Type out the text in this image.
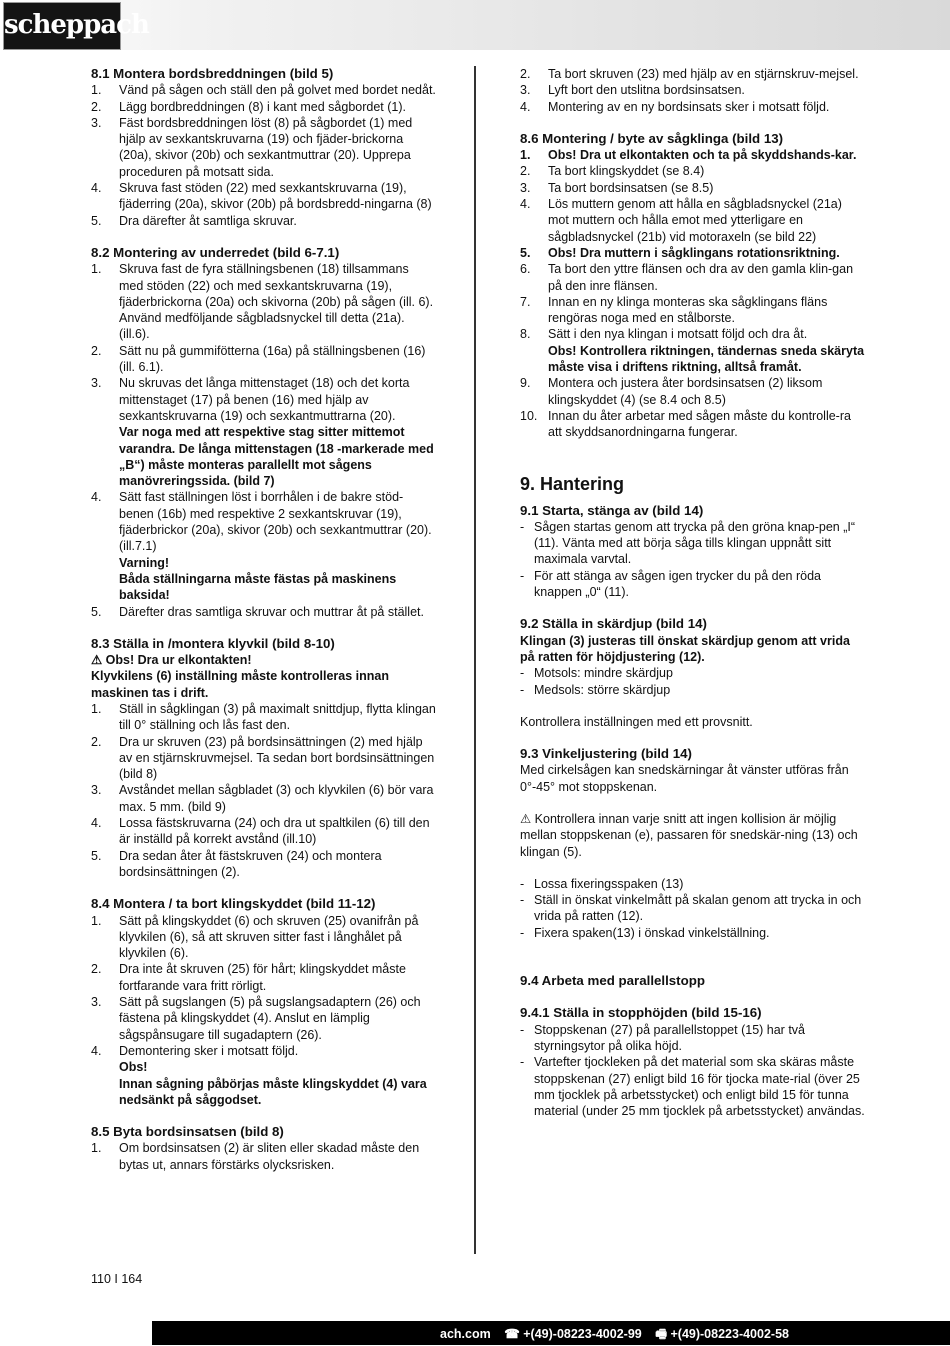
scheppach
8.1 Montera bordsbreddningen (bild 5)
1. Vänd på sågen och ställ den på golvet med bordet nedåt.
2. Lägg bordbreddningen (8) i kant med sågbordet (1).
3. Fäst bordsbreddningen löst (8) på sågbordet (1) med hjälp av sexkantskruvarna (19) och fjäder-brickorna (20a), skivor (20b) och sexkantmuttrar (20). Upprepa proceduren på motsatt sida.
4. Skruva fast stöden (22) med sexkantskruvarna (19), fjäderring (20a), skivor (20b) på bordsbredd-ningarna (8)
5. Dra därefter åt samtliga skruvar.
8.2 Montering av underredet (bild 6-7.1)
1. Skruva fast de fyra ställningsbenen (18) tillsammans med stöden (22) och med sexkantskruvarna (19), fjäderbrickorna (20a) och skivorna (20b) på sågen (ill. 6). Använd medföljande sågbladsnyckel till detta (21a). (ill.6).
2. Sätt nu på gummifötterna (16a) på ställningsbenen (16) (ill. 6.1).
3. Nu skruvas det långa mittenstaget (18) och det korta mittenstaget (17) på benen (16) med hjälp av sexkantskruvarna (19) och sexkantmuttrarna (20).
Var noga med att respektive stag sitter mittemot varandra. De långa mittenstagen (18 -markerade med „B“) måste monteras parallellt mot sågens manövreringssida. (bild 7)
4. Sätt fast ställningen löst i borrhålen i de bakre stöd-benen (16b) med respektive 2 sexkantskruvar (19), fjäderbrickor (20a), skivor (20b) och sexkantmuttrar (20). (ill.7.1)
Varning!
Båda ställningarna måste fästas på maskinens baksida!
5. Därefter dras samtliga skruvar och muttrar åt på stället.
8.3 Ställa in /montera klyvkil (bild 8-10)
⚠ Obs! Dra ur elkontakten!
Klyvkilens (6) inställning måste kontrolleras innan maskinen tas i drift.
1. Ställ in sågklingan (3) på maximalt snittdjup, flytta klingan till 0° ställning och lås fast den.
2. Dra ur skruven (23) på bordsinsättningen (2) med hjälp av en stjärnskruvmejsel. Ta sedan bort bordsinsättningen (bild 8)
3. Avståndet mellan sågbladet (3) och klyvkilen (6) bör vara max. 5 mm. (bild 9)
4. Lossa fästskruvarna (24) och dra ut spaltkilen (6) till den är inställd på korrekt avstånd (ill.10)
5. Dra sedan åter åt fästskruven (24) och montera bordsinsättningen (2).
8.4 Montera / ta bort klingskyddet (bild 11-12)
1. Sätt på klingskyddet (6) och skruven (25) ovanifrån på klyvkilen (6), så att skruven sitter fast i långhålet på klyvkilen (6).
2. Dra inte åt skruven (25) för hårt; klingskyddet måste fortfarande vara fritt rörligt.
3. Sätt på sugslangen (5) på sugslangsadaptern (26) och fästena på klingskyddet (4). Anslut en lämplig sågspånsugare till sugadaptern (26).
4. Demontering sker i motsatt följd.
Obs!
Innan sågning påbörjas måste klingskyddet (4) vara nedsänkt på såggodset.
8.5 Byta bordsinsatsen (bild 8)
1. Om bordsinsatsen (2) är sliten eller skadad måste den bytas ut, annars förstärks olycksrisken.
2. Ta bort skruven (23) med hjälp av en stjärnskruv-mejsel.
3. Lyft bort den utslitna bordsinsatsen.
4. Montering av en ny bordsinsats sker i motsatt följd.
8.6 Montering / byte av sågklinga (bild 13)
1. Obs! Dra ut elkontakten och ta på skyddshands-kar.
2. Ta bort klingskyddet (se 8.4)
3. Ta bort bordsinsatsen (se 8.5)
4. Lös muttern genom att hålla en sågbladsnyckel (21a) mot muttern och hålla emot med ytterligare en sågbladsnyckel (21b) vid motoraxeln (se bild 22)
5. Obs! Dra muttern i sågklingans rotationsriktning.
6. Ta bort den yttre flänsen och dra av den gamla klin-gan på den inre flänsen.
7. Innan en ny klinga monteras ska sågklingans fläns rengöras noga med en stålborste.
8. Sätt i den nya klingan i motsatt följd och dra åt.
Obs! Kontrollera riktningen, tändernas sneda skäryta måste visa i driftens riktning, alltså framåt.
9. Montera och justera åter bordsinsatsen (2) liksom klingskyddet (4) (se 8.4 och 8.5)
10. Innan du åter arbetar med sågen måste du kontrolle-ra att skyddsanordningarna fungerar.
9. Hantering
9.1 Starta, stänga av (bild 14)
- Sågen startas genom att trycka på den gröna knap-pen „I“ (11). Vänta med att börja såga tills klingan uppnått sitt maximala varvtal.
- För att stänga av sågen igen trycker du på den röda knappen „0“ (11).
9.2 Ställa in skärdjup (bild 14)
Klingan (3) justeras till önskat skärdjup genom att vrida på ratten för höjdjustering (12).
- Motsols: mindre skärdjup
- Medsols: större skärdjup
Kontrollera inställningen med ett provsnitt.
9.3 Vinkeljustering (bild 14)
Med cirkelsågen kan snedskärningar åt vänster utföras från 0°-45° mot stoppskenan.
⚠ Kontrollera innan varje snitt att ingen kollision är möjlig mellan stoppskenan (e), passaren för snedskär-ning (13) och klingan (5).
- Lossa fixeringsspaken (13)
- Ställ in önskat vinkelmått på skalan genom att trycka in och vrida på ratten (12).
- Fixera spaken(13) i önskad vinkelställning.
9.4 Arbeta med parallellstopp
9.4.1 Ställa in stopphöjden (bild 15-16)
- Stoppskenan (27) på parallellstoppet (15) har två styrningsytor på olika höjd.
- Vartefter tjockleken på det material som ska skäras måste stoppskenan (27) enligt bild 16 för tjocka mate-rial (över 25 mm tjocklek på arbetsstycket) och enligt bild 15 för tunna material (under 25 mm tjocklek på arbetsstycket) användas.
110 I 164
ach.com ☎ +(49)-08223-4002-99 🖷 +(49)-08223-4002-58
